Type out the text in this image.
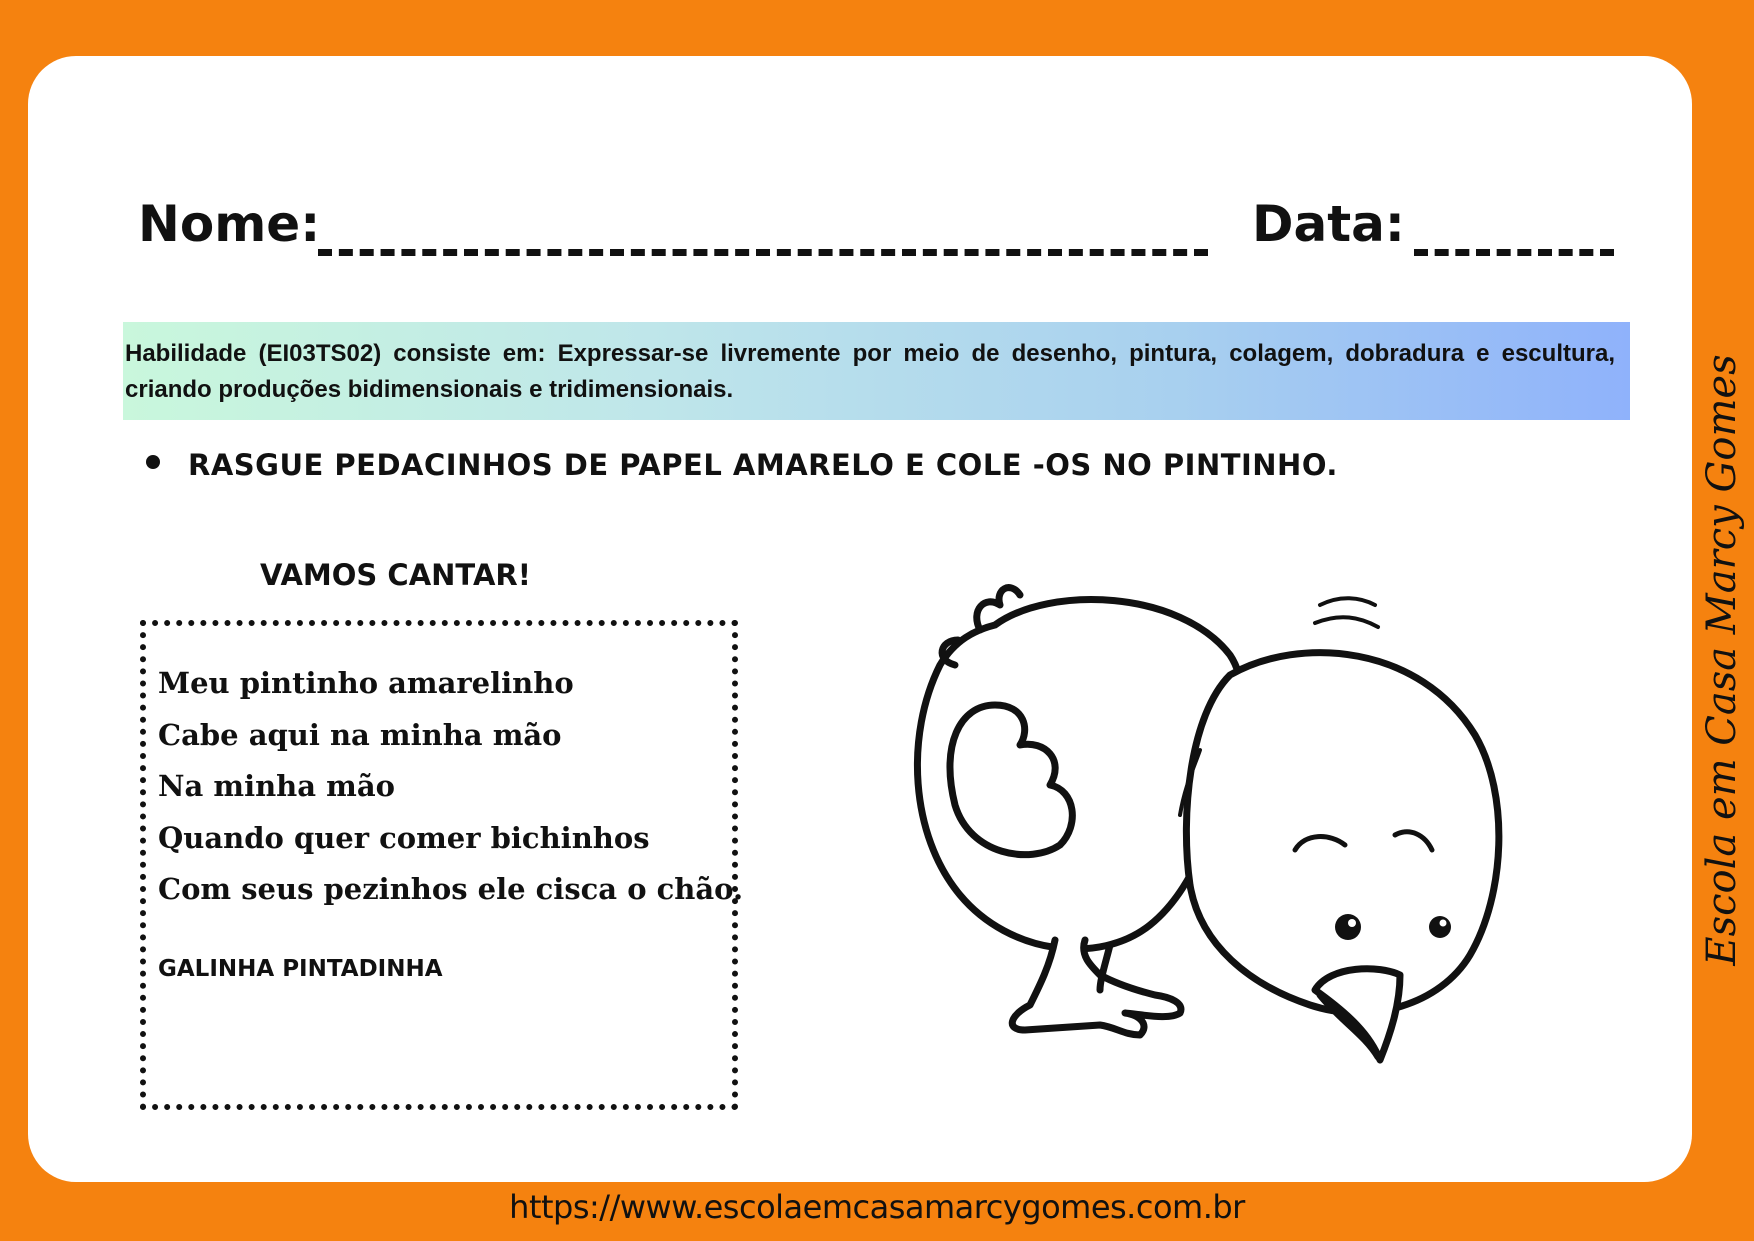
Nome:	Data:
Habilidade (EI03TS02) consiste em: Expressar-se livremente por meio de desenho, pintura, colagem, dobradura e escultura, criando produções bidimensionais e tridimensionais.
RASGUE PEDACINHOS DE PAPEL AMARELO E COLE -OS NO PINTINHO.
VAMOS CANTAR!
Meu pintinho amarelinho
Cabe aqui na minha mão
Na minha mão
Quando quer comer bichinhos
Com seus pezinhos ele cisca o chão.
GALINHA PINTADINHA
Escola em Casa Marcy Gomes
https://www.escolaemcasamarcygomes.com.br
